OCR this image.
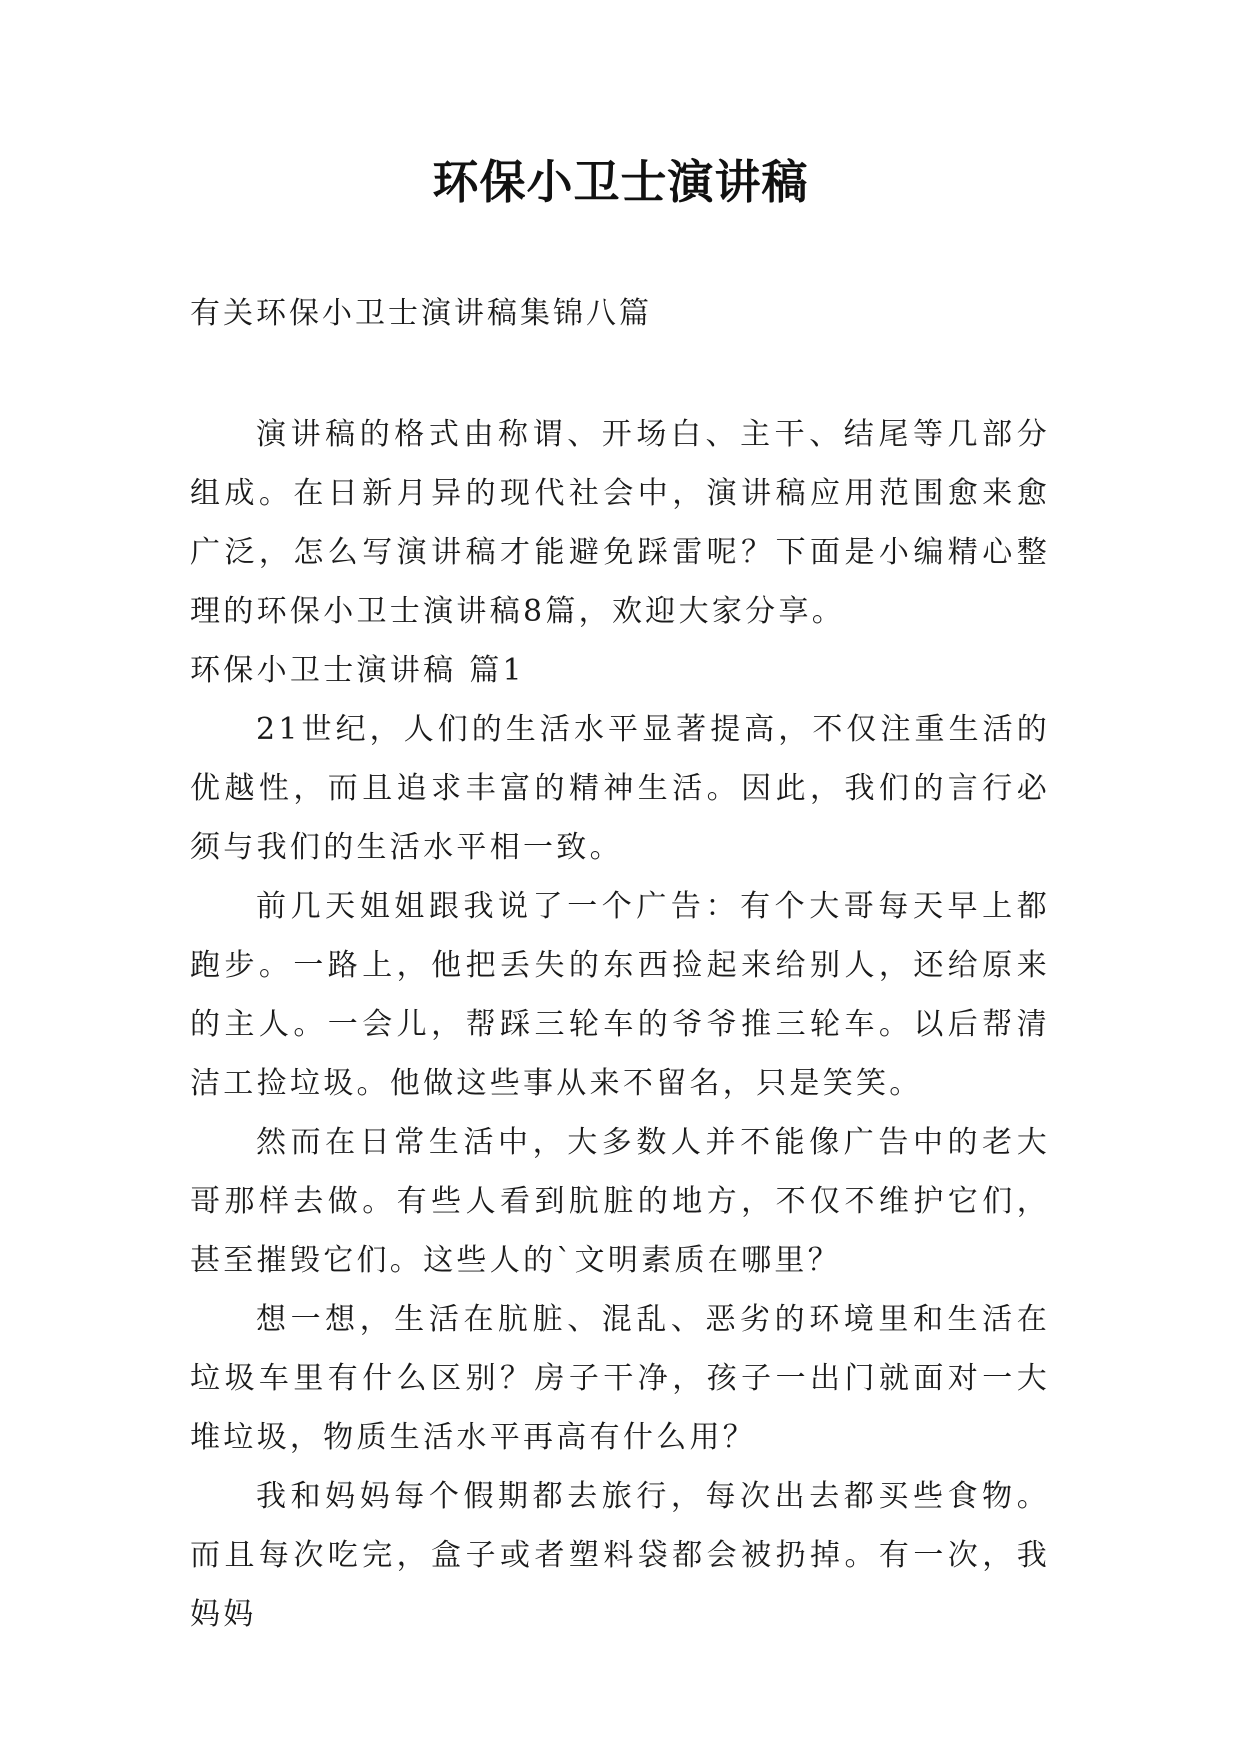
环保小卫士演讲稿
有关环保小卫士演讲稿集锦八篇

演讲稿的格式由称谓、开场白、主干、结尾等几部分组成。在日新月异的现代社会中，演讲稿应用范围愈来愈广泛，怎么写演讲稿才能避免踩雷呢？下面是小编精心整理的环保小卫士演讲稿8篇，欢迎大家分享。

环保小卫士演讲稿 篇1

21世纪，人们的生活水平显著提高，不仅注重生活的优越性，而且追求丰富的精神生活。因此，我们的言行必须与我们的生活水平相一致。

前几天姐姐跟我说了一个广告：有个大哥每天早上都跑步。一路上，他把丢失的东西捡起来给别人，还给原来的主人。一会儿，帮踩三轮车的爷爷推三轮车。以后帮清洁工捡垃圾。他做这些事从来不留名，只是笑笑。

然而在日常生活中，大多数人并不能像广告中的老大哥那样去做。有些人看到肮脏的地方，不仅不维护它们，甚至摧毁它们。这些人的`文明素质在哪里？

想一想，生活在肮脏、混乱、恶劣的环境里和生活在垃圾车里有什么区别？房子干净，孩子一出门就面对一大堆垃圾，物质生活水平再高有什么用？

我和妈妈每个假期都去旅行，每次出去都买些食物。而且每次吃完，盒子或者塑料袋都会被扔掉。有一次，我妈妈
